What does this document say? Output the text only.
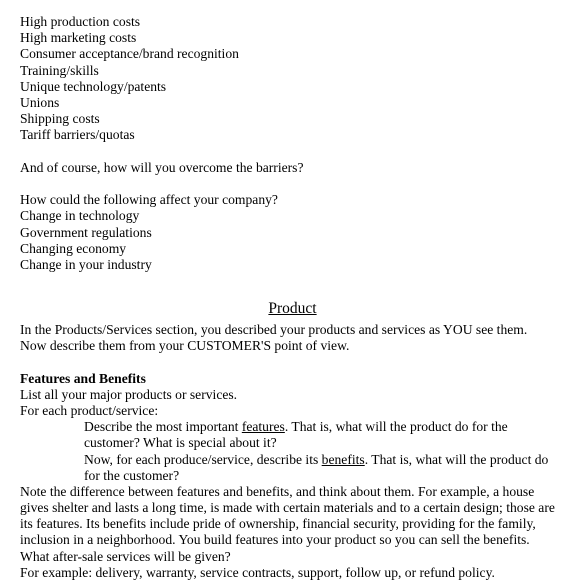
High production costs
High marketing costs
Consumer acceptance/brand recognition
Training/skills
Unique technology/patents
Unions
Shipping costs
Tariff barriers/quotas
And of course, how will you overcome the barriers?
How could the following affect your company?
Change in technology
Government regulations
Changing economy
Change in your industry
Product
In the Products/Services section, you described your products and services as YOU see them.
Now describe them from your CUSTOMER'S point of view.
Features and Benefits
List all your major products or services.
For each product/service:
Describe the most important features. That is, what will the product do for the
customer? What is special about it?
Now, for each produce/service, describe its benefits. That is, what will the product do
for the customer?
Note the difference between features and benefits, and think about them. For example, a house
gives shelter and lasts a long time, is made with certain materials and to a certain design; those are
its features. Its benefits include pride of ownership, financial security, providing for the family,
inclusion in a neighborhood. You build features into your product so you can sell the benefits.
What after-sale services will be given?
For example: delivery, warranty, service contracts, support, follow up, or refund policy.
